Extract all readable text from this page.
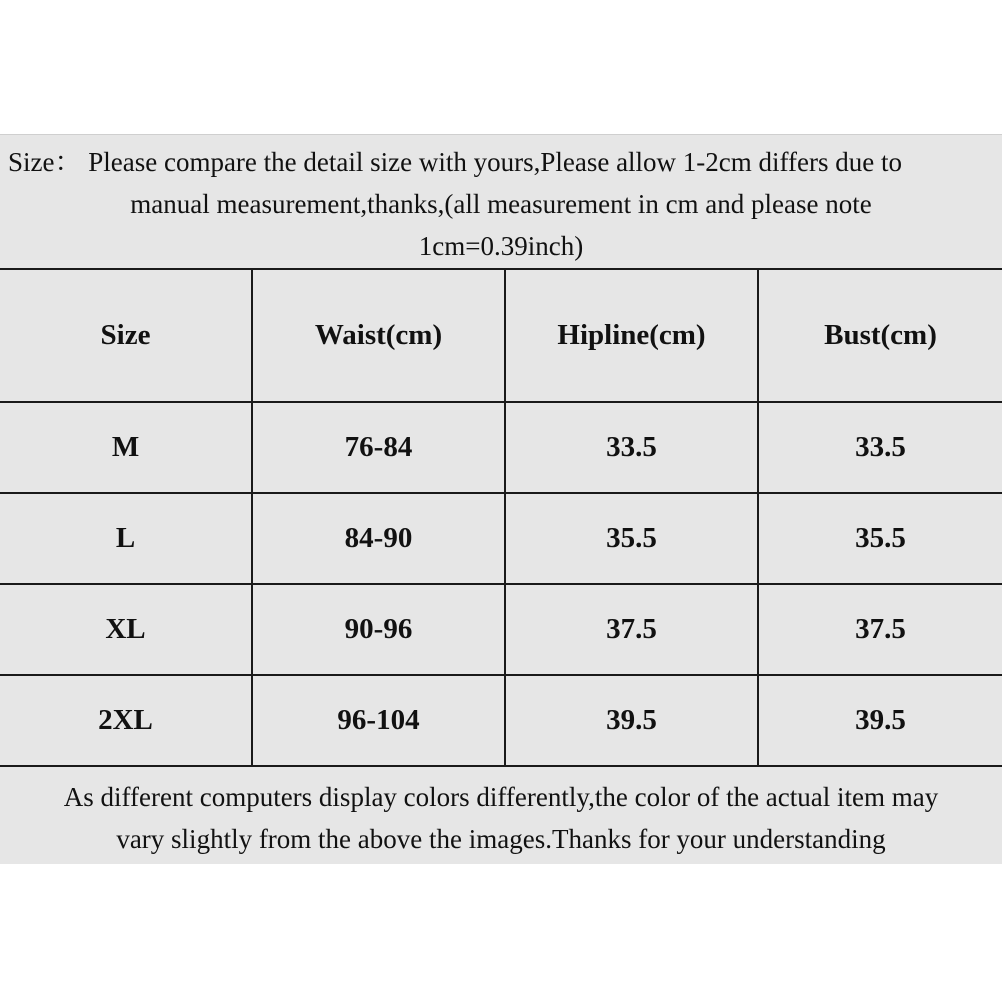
Size： Please compare the detail size with yours,Please allow 1-2cm differs due to
manual measurement,thanks,(all measurement in cm and please note
1cm=0.39inch)
Size	Waist(cm)	Hipline(cm)	Bust(cm)
M	76-84	33.5	33.5
L	84-90	35.5	35.5
XL	90-96	37.5	37.5
2XL	96-104	39.5	39.5
As different computers display colors differently,the color of the actual item may
vary slightly from the above the images.Thanks for your understanding
